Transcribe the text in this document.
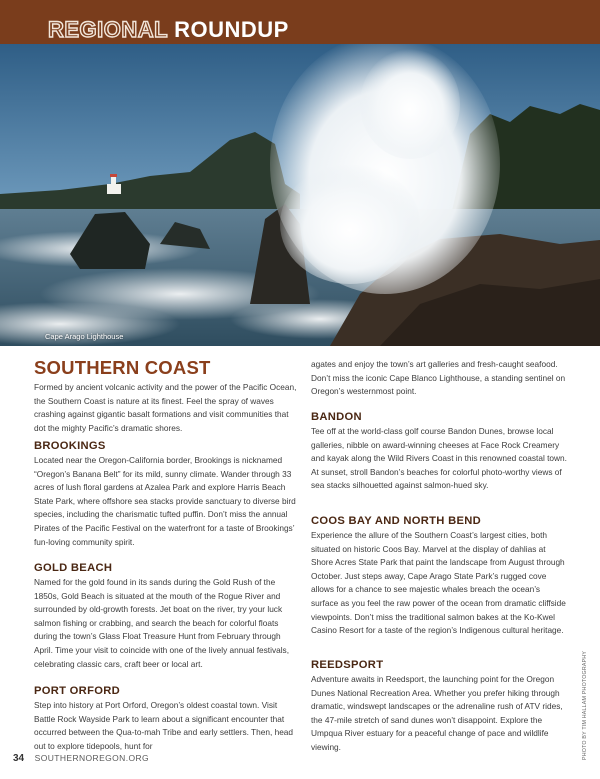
REGIONAL ROUNDUP

Cape Arago Lighthouse

SOUTHERN COAST

Formed by ancient volcanic activity and the power of the Pacific Ocean, the Southern Coast is nature at its finest. Feel the spray of waves crashing against gigantic basalt formations and visit communities that dot the mighty Pacific’s dramatic shores.

BROOKINGS

Located near the Oregon-California border, Brookings is nicknamed “Oregon’s Banana Belt” for its mild, sunny climate. Wander through 33 acres of lush floral gardens at Azalea Park and explore Harris Beach State Park, where offshore sea stacks provide sanctuary to diverse bird species, including the charismatic tufted puffin. Don’t miss the annual Pirates of the Pacific Festival on the waterfront for a taste of Brookings’ fun-loving community spirit.

GOLD BEACH

Named for the gold found in its sands during the Gold Rush of the 1850s, Gold Beach is situated at the mouth of the Rogue River and surrounded by old-growth forests. Jet boat on the river, try your luck salmon fishing or crabbing, and search the beach for colorful floats during the town’s Glass Float Treasure Hunt from February through April. Time your visit to coincide with one of the lively annual festivals, celebrating classic cars, craft beer or local art.

PORT ORFORD

Step into history at Port Orford, Oregon’s oldest coastal town. Visit Battle Rock Wayside Park to learn about a significant encounter that occurred between the Qua-to-mah Tribe and early settlers. Then, head out to explore tidepools, hunt for

agates and enjoy the town’s art galleries and fresh-caught seafood. Don’t miss the iconic Cape Blanco Lighthouse, a standing sentinel on Oregon’s westernmost point.

BANDON

Tee off at the world-class golf course Bandon Dunes, browse local galleries, nibble on award-winning cheeses at Face Rock Creamery and kayak along the Wild Rivers Coast in this renowned coastal town. At sunset, stroll Bandon’s beaches for colorful photo-worthy views of sea stacks silhouetted against salmon-hued sky.

COOS BAY AND NORTH BEND

Experience the allure of the Southern Coast’s largest cities, both situated on historic Coos Bay. Marvel at the display of dahlias at Shore Acres State Park that paint the landscape from August through October. Just steps away, Cape Arago State Park’s rugged cove allows for a chance to see majestic whales breach the ocean’s surface as you feel the raw power of the ocean from dramatic cliffside viewpoints. Don’t miss the traditional salmon bakes at the Ko-Kwel Casino Resort for a taste of the region’s Indigenous cultural heritage.

REEDSPORT

Adventure awaits in Reedsport, the launching point for the Oregon Dunes National Recreation Area. Whether you prefer hiking through dramatic, windswept landscapes or the adrenaline rush of ATV rides, the 47-mile stretch of sand dunes won’t disappoint. Explore the Umpqua River estuary for a peaceful change of pace and wildlife viewing.	PHOTO BY TIM HALLAM PHOTOGRAPHY

34 SOUTHERNOREGON.ORG
